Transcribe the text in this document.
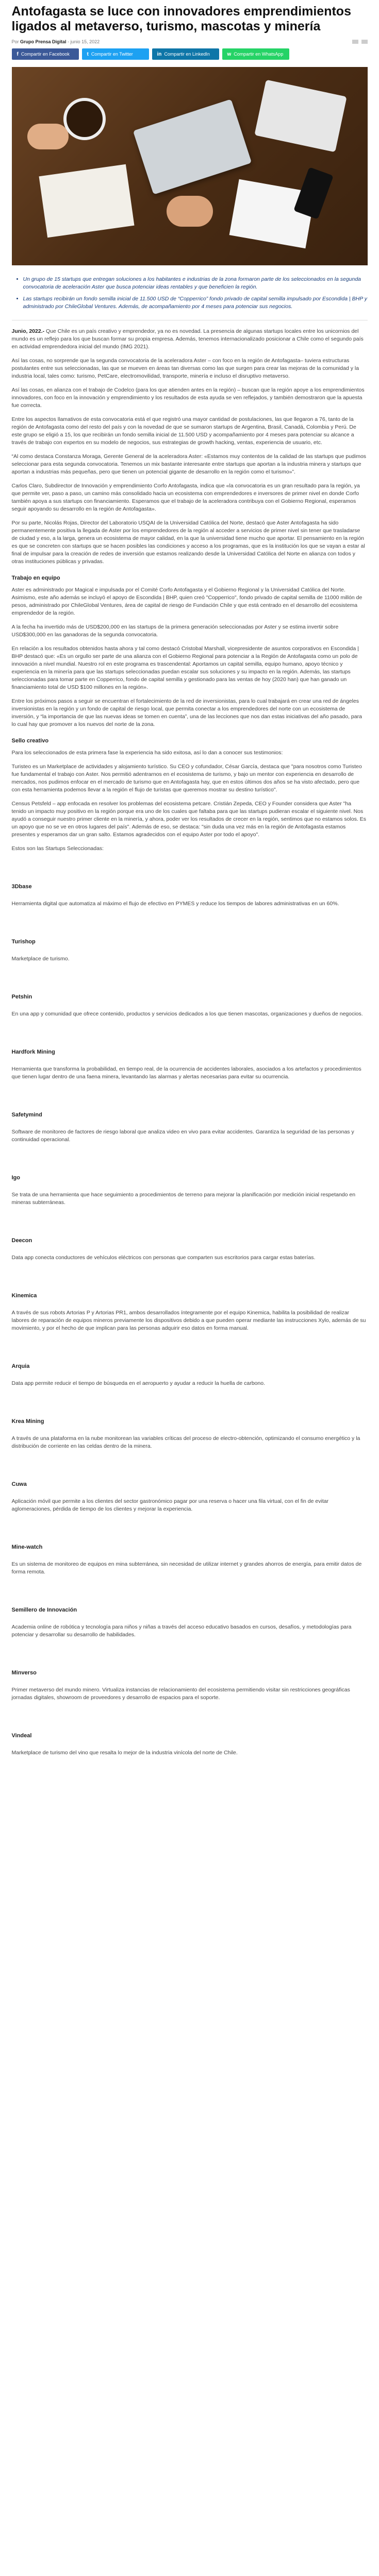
Antofagasta se luce con innovadores emprendimientos ligados al metaverso, turismo, mascotas y minería
Por Grupo Prensa Digital - junio 15, 2022
f Compartir en Facebook	t Compartir en Twitter	in Compartir en LinkedIn	w Compartir en WhatsApp
• Un grupo de 15 startups que entregan soluciones a los habitantes e industrias de la zona formaron parte de los seleccionados en la segunda convocatoria de aceleración Aster que busca potenciar ideas rentables y que beneficien la región.
• Las startups recibirán un fondo semilla inicial de 11.500 USD de “Copperrico” fondo privado de capital semilla impulsado por Escondida | BHP y administrado por ChileGlobal Ventures. Además, de acompañamiento por 4 meses para potenciar sus negocios.

Junio, 2022.- Que Chile es un país creativo y emprendedor, ya no es novedad. La presencia de algunas startups locales entre los unicornios del mundo es un reflejo para los que buscan formar su propia empresa. Además, tenemos internacionalizado posicionar a Chile como el segundo país en actividad emprendedora inicial del mundo (IMG 2021).

Así las cosas, no sorprende que la segunda convocatoria de la aceleradora Aster – con foco en la región de Antofagasta– tuviera estructuras postulantes entre sus seleccionadas, las que se mueven en áreas tan diversas como las que surgen para crear las mejoras de la comunidad y la industria local, tales como: turismo, PetCare, electromovilidad, transporte, minería e incluso el disruptivo metaverso.

Así las cosas, en alianza con el trabajo de Codelco (para los que atienden antes en la región) – buscan que la región apoye a los emprendimientos innovadores, con foco en la innovación y emprendimiento y los resultados de esta ayuda se ven reflejados, y también demostraron que la apuesta fue correcta.

Entre los aspectos llamativos de esta convocatoria está el que registró una mayor cantidad de postulaciones, las que llegaron a 76, tanto de la región de Antofagasta como del resto del país y con la novedad de que se sumaron startups de Argentina, Brasil, Canadá, Colombia y Perú. De este grupo se eligió a 15, los que recibirán un fondo semilla inicial de 11.500 USD y acompañamiento por 4 meses para potenciar su alcance a través de trabajo con expertos en su modelo de negocios, sus estrategias de growth hacking, ventas, experiencia de usuario, etc.

“Al como destaca Constanza Moraga, Gerente General de la aceleradora Aster: «Estamos muy contentos de la calidad de las startups que pudimos seleccionar para esta segunda convocatoria. Tenemos un mix bastante interesante entre startups que aportan a la industria minera y startups que aportan a industrias más pequeñas, pero que tienen un potencial gigante de desarrollo en la región como el turismo»”.

Carlos Claro, Subdirector de Innovación y emprendimiento Corfo Antofagasta, indica que «la convocatoria es un gran resultado para la región, ya que permite ver, paso a paso, un camino más consolidado hacia un ecosistema con emprendedores e inversores de primer nivel en donde Corfo también apoya a sus startups con financiamiento. Esperamos que el trabajo de la aceleradora contribuya con el Gobierno Regional, esperamos seguir apoyando su desarrollo en la región de Antofagasta».

Por su parte, Nicolás Rojas, Director del Laboratorio USQAI de la Universidad Católica del Norte, destacó que Aster Antofagasta ha sido permanentemente positiva la llegada de Aster por los emprendedores de la región al acceder a servicios de primer nivel sin tener que trasladarse de ciudad y eso, a la larga, genera un ecosistema de mayor calidad, en la que la universidad tiene mucho que aportar. El pensamiento en la región es que se concreten con startups que se hacen posibles las condiciones y acceso a los programas, que es la institución los que se vayan a estar al final de impulsar para la creación de redes de inversión que estamos realizando desde la Universidad Católica del Norte en alianza con todos y otras instituciones públicas y privadas.

Trabajo en equipo

Aster es administrado por Magical e impulsada por el Comité Corfo Antofagasta y el Gobierno Regional y la Universidad Católica del Norte. Asimismo, este año además se incluyó el apoyo de Escondida | BHP, quien creó "Copperrico", fondo privado de capital semilla de 11000 millón de pesos, administrado por ChileGlobal Ventures, área de capital de riesgo de Fundación Chile y que está centrado en el desarrollo del ecosistema emprendedor de la región.

A la fecha ha invertido más de USD$200,000 en las startups de la primera generación seleccionadas por Aster y se estima invertir sobre USD$300,000 en las ganadoras de la segunda convocatoria.

En relación a los resultados obtenidos hasta ahora y tal como destacó Cristobal Marshall, vicepresidente de asuntos corporativos en Escondida | BHP destacó que: «Es un orgullo ser parte de una alianza con el Gobierno Regional para potenciar a la Región de Antofagasta como un polo de innovación a nivel mundial. Nuestro rol en este programa es trascendental: Aportamos un capital semilla, equipo humano, apoyo técnico y experiencia en la minería para que las startups seleccionadas puedan escalar sus soluciones y su impacto en la región. Además, las startups seleccionadas para tomar parte en Copperrico, fondo de capital semilla y gestionado para las ventas de hoy (2020 han) que han ganado un financiamiento total de USD $100 millones en la región».

Entre los próximos pasos a seguir se encuentran el fortalecimiento de la red de inversionistas, para lo cual trabajará en crear una red de ángeles inversionistas en la región y un fondo de capital de riesgo local, que permita conectar a los emprendedores del norte con un ecosistema de inversión, y “la importancia de que las nuevas ideas se tomen en cuenta”, una de las lecciones que nos dan estas iniciativas del año pasado, para lo cual hay que promover a los nuevos del norte de la zona.

Sello creativo

Para los seleccionados de esta primera fase la experiencia ha sido exitosa, así lo dan a conocer sus testimonios:

Turisteo es un Marketplace de actividades y alojamiento turístico. Su CEO y cofundador, César García, destaca que "para nosotros como Turisteo fue fundamental el trabajo con Aster. Nos permitió adentrarnos en el ecosistema de turismo, y bajo un mentor con experiencia en desarrollo de mercados, nos pudimos enfocar en el mercado de turismo que en Antofagasta hay, que en estos últimos dos años se ha visto afectado, pero que con esta herramienta podemos llevar a la región el flujo de turistas que queremos mostrar su destino turístico".

Census Petsfeld – app enfocada en resolver los problemas del ecosistema petcare. Cristián Zepeda, CEO y Founder considera que Aster "ha tenido un impacto muy positivo en la región porque era uno de los cuales que faltaba para que las startups pudieran escalar el siguiente nivel. Nos ayudó a conseguir nuestro primer cliente en la minería, y ahora, poder ver los resultados de crecer en la región, sentimos que no estamos solos. Es un apoyo que no se ve en otros lugares del país". Además de eso, se destaca: "sin duda una vez más en la región de Antofagasta estamos presentes y esperamos dar un gran salto. Estamos agradecidos con el equipo Aster por todo el apoyo".

Estos son las Startups Seleccionadas:

3Dbase

Herramienta digital que automatiza al máximo el flujo de efectivo en PYMES y reduce los tiempos de labores administrativas en un 60%.

Turishop

Marketplace de turismo.

Petshin

En una app y comunidad que ofrece contenido, productos y servicios dedicados a los que tienen mascotas, organizaciones y dueños de negocios.

Hardfork Mining

Herramienta que transforma la probabilidad, en tiempo real, de la ocurrencia de accidentes laborales, asociados a los artefactos y procedimientos que tienen lugar dentro de una faena minera, levantando las alarmas y alertas necesarias para evitar su ocurrencia.

Safetymind

Software de monitoreo de factores de riesgo laboral que analiza video en vivo para evitar accidentes. Garantiza la seguridad de las personas y continuidad operacional.

Igo

Se trata de una herramienta que hace seguimiento a procedimientos de terreno para mejorar la planificación por medición inicial respetando en mineras subterráneas.

Deecon

Data app conecta conductores de vehículos eléctricos con personas que comparten sus escritorios para cargar estas baterías.

Kinemica

A través de sus robots Artorias P y Artorias PR1, ambos desarrollados íntegramente por el equipo Kinemica, habilita la posibilidad de realizar labores de reparación de equipos mineros previamente los dispositivos debido a que pueden operar mediante las instrucciones Xylo, además de su movimiento, y por el hecho de que implican para las personas adquirir eso datos en forma manual.

Arquia

Data app permite reducir el tiempo de búsqueda en el aeropuerto y ayudar a reducir la huella de carbono.

Krea Mining

A través de una plataforma en la nube monitorean las variables críticas del proceso de electro-obtención, optimizando el consumo energético y la distribución de corriente en las celdas dentro de la minera.

Cuwa

Aplicación móvil que permite a los clientes del sector gastronómico pagar por una reserva o hacer una fila virtual, con el fin de evitar aglomeraciones, pérdida de tiempo de los clientes y mejorar la experiencia.

Mine-watch

Es un sistema de monitoreo de equipos en mina subterránea, sin necesidad de utilizar internet y grandes ahorros de energía, para emitir datos de forma remota.

Semillero de Innovación

Academia online de robótica y tecnología para niños y niñas a través del acceso educativo basados en cursos, desafíos, y metodologías para potenciar y desarrollar su desarrollo de habilidades.

Minverso

Primer metaverso del mundo minero. Virtualiza instancias de relacionamiento del ecosistema permitiendo visitar sin restricciones geográficas jornadas digitales, showroom de proveedores y desarrollo de espacios para el soporte.

Vindeal

Marketplace de turismo del vino que resalta lo mejor de la industria vinícola del norte de Chile.
